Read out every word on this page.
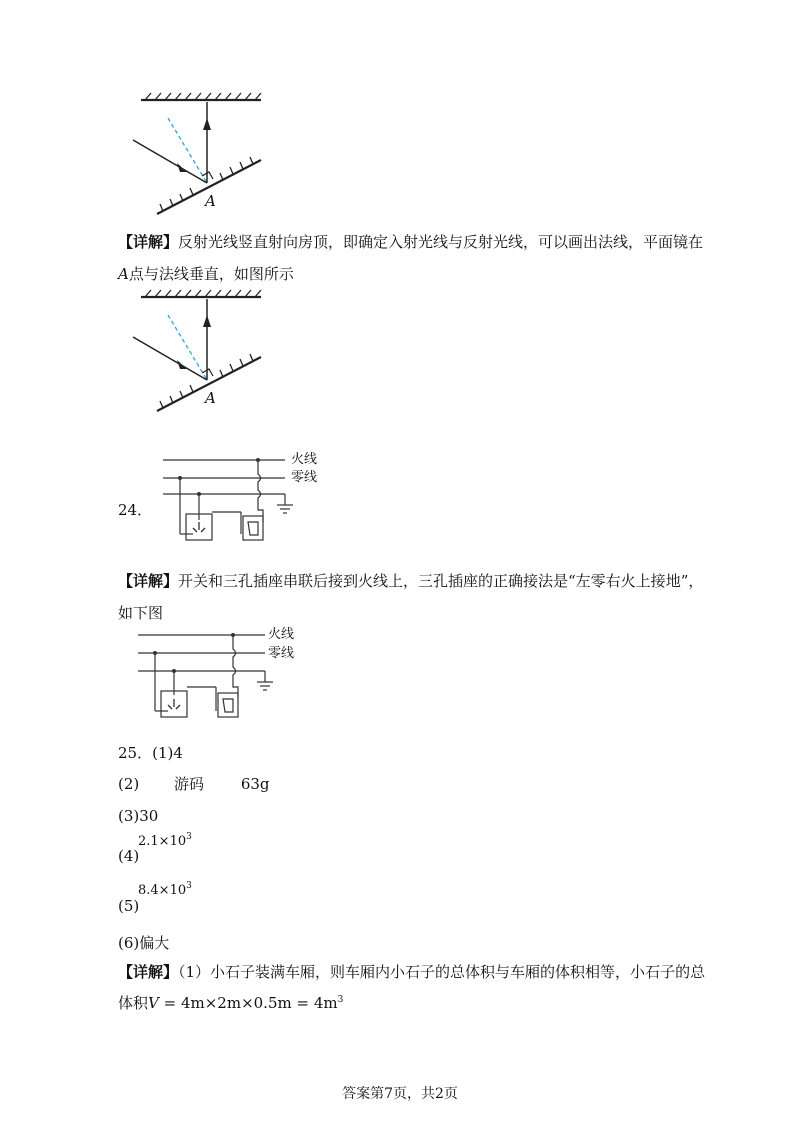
A
【详解】反射光线竖直射向房顶，即确定入射光线与反射光线，可以画出法线，平面镜在
A点与法线垂直，如图所示
A
24．
火线
零线
【详解】开关和三孔插座串联后接到火线上，三孔插座的正确接法是“左零右火上接地”，
如下图
火线
零线
25．(1)4
(2) 游码 63g
(3)30
(4)
$2.1\times 10^3$
(5)
$8.4\times 10^3$
(6)偏大
【详解】（1）小石子装满车厢，则车厢内小石子的总体积与车厢的体积相等，小石子的总
体积$V = 4m\times 2m\times 0.5m = 4m^3$
答案第7页，共2页
